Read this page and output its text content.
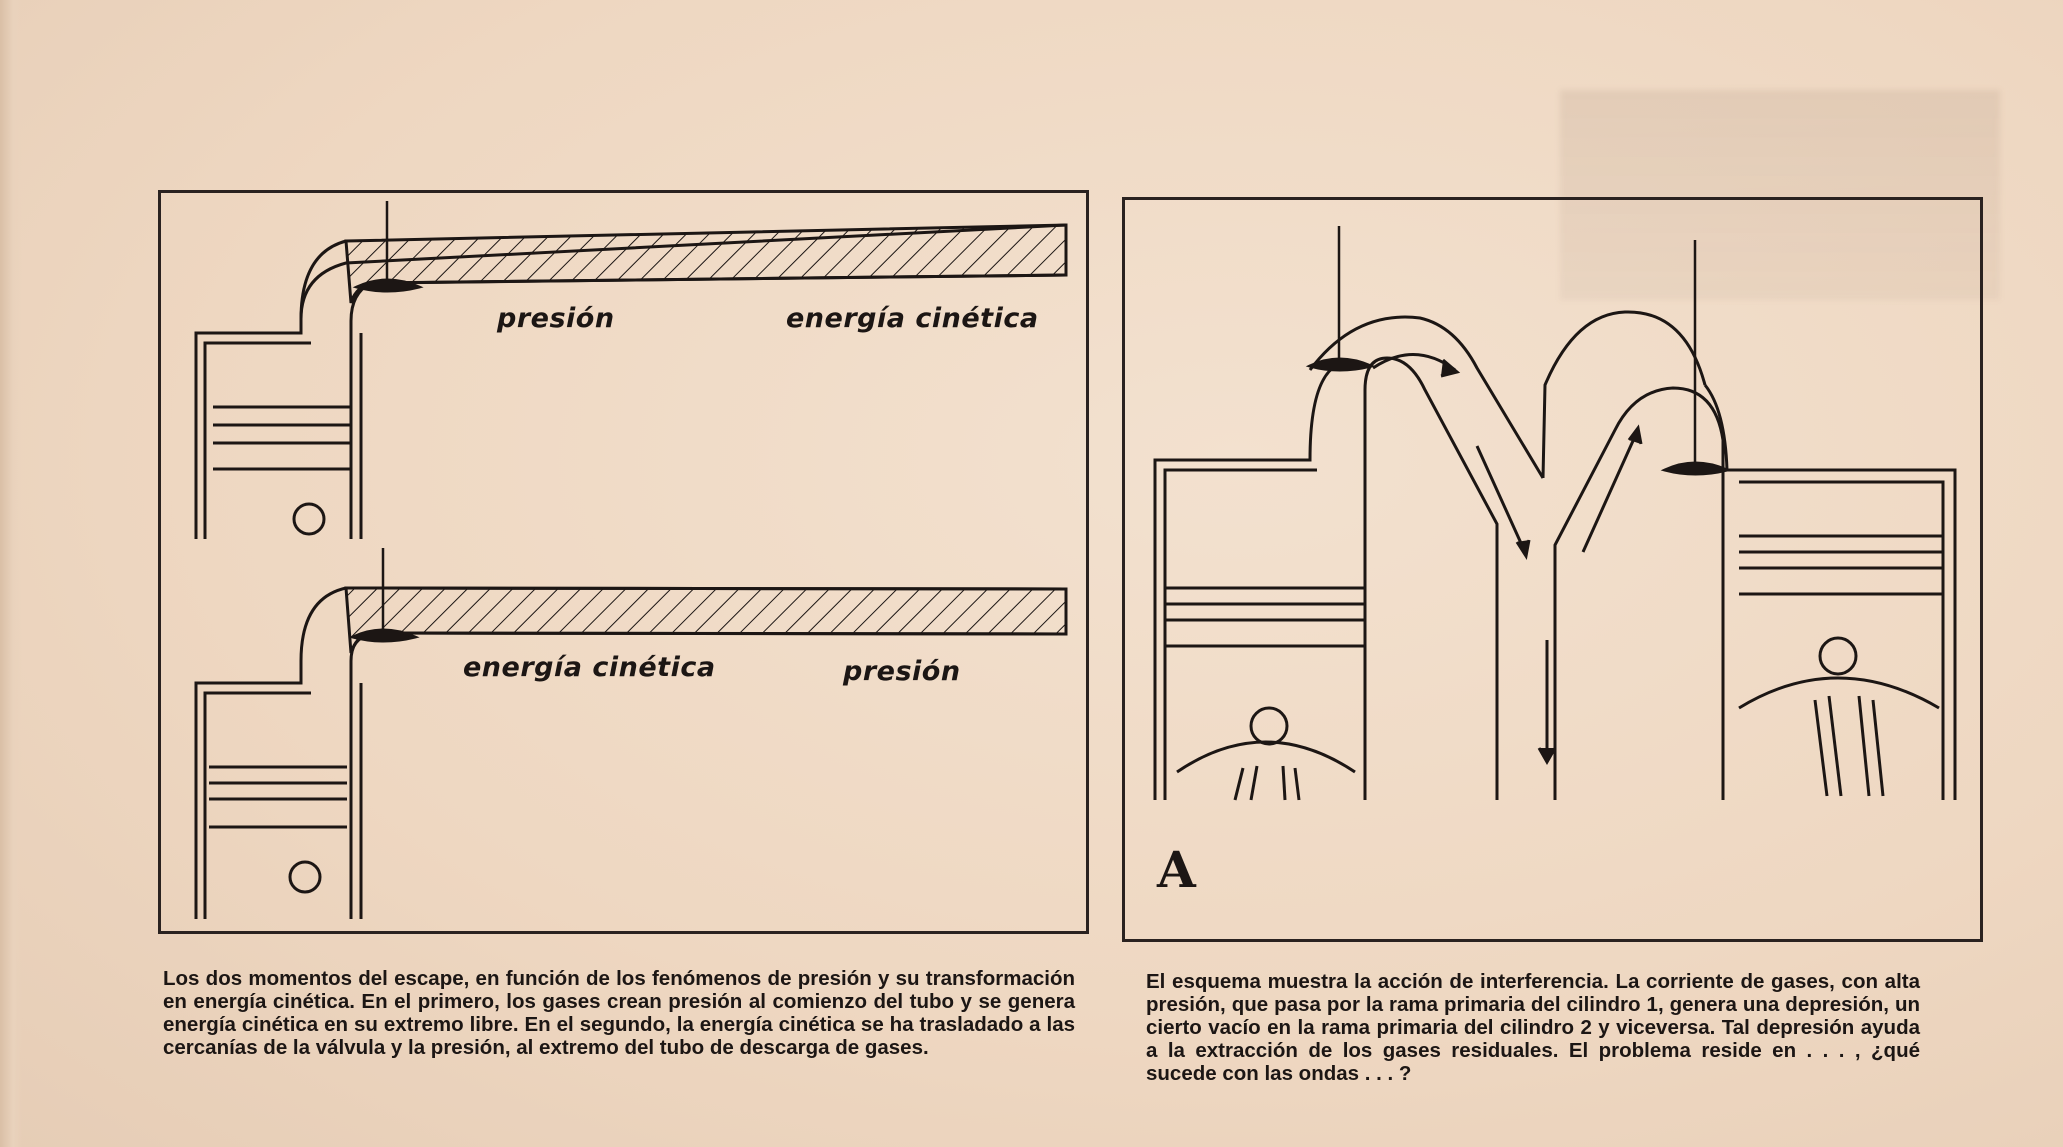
presión	energía cinética
energía cinética	presión
A
Los dos momentos del escape, en función de los fenómenos de presión y su transformación en energía cinética. En el primero, los gases crean presión al comienzo del tubo y se genera energía cinética en su extremo libre. En el segundo, la energía cinética se ha trasladado a las cercanías de la válvula y la presión, al extremo del tubo de descarga de gases.
El esquema muestra la acción de interferencia. La corriente de gases, con alta presión, que pasa por la rama primaria del cilindro 1, genera una depresión, un cierto vacío en la rama primaria del cilindro 2 y viceversa. Tal depresión ayuda a la extracción de los gases residuales. El problema reside en . . . , ¿qué sucede con las ondas . . . ?
